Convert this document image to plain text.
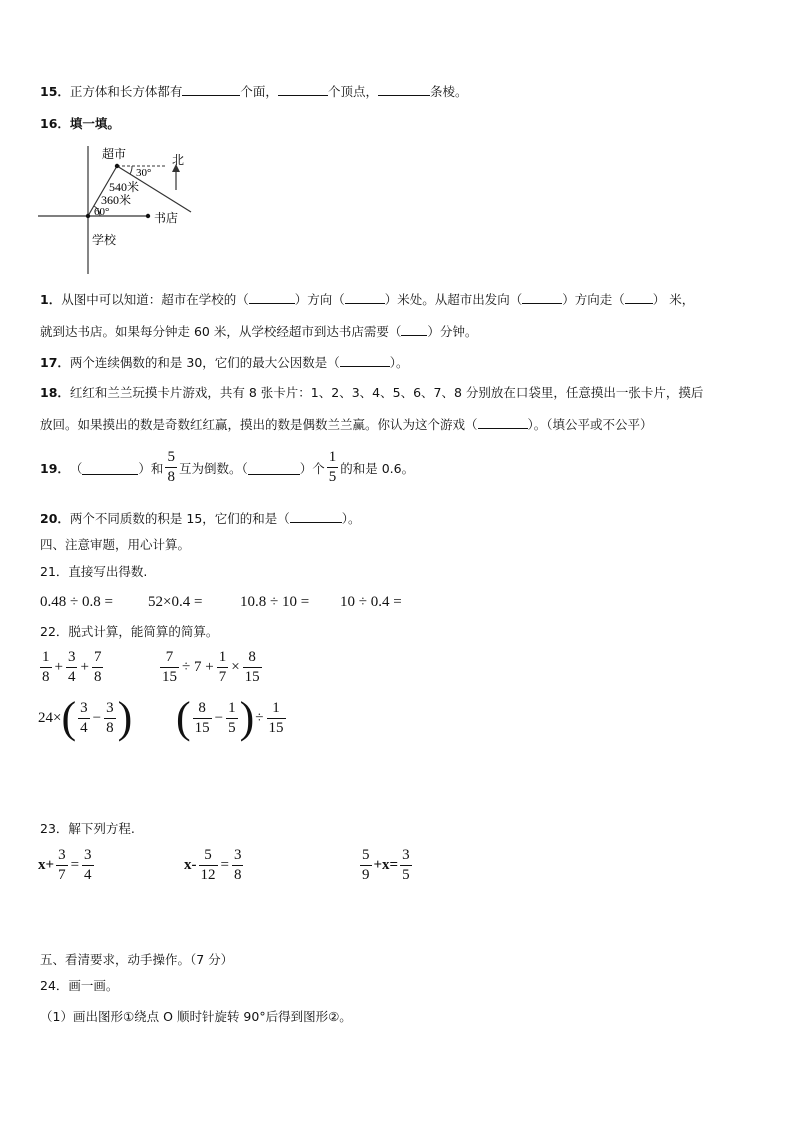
15．正方体和长方体都有	个面，	个顶点，	条棱。
16．填一填。
超市	北
30°
540米
360米
60°	书店
学校
1．从图中可以知道：超市在学校的（	）方向（	）米处。从超市出发向（	）方向走（ ） 米，
就到达书店。如果每分钟走 60 米，从学校经超市到达书店需要（ ）分钟。
17．两个连续偶数的和是 30，它们的最大公因数是（	）。
18．红红和兰兰玩摸卡片游戏，共有 8 张卡片：1、2、3、4、5、6、7、8 分别放在口袋里，任意摸出一张卡片，摸后
放回。如果摸出的数是奇数红红赢，摸出的数是偶数兰兰赢。你认为这个游戏（	）。（填公平或不公平）
19． （	）和 $\frac{5}{8}$ 互为倒数。（	）个 $\frac{1}{5}$ 的和是 0.6。
20．两个不同质数的积是 15，它们的和是（	）。
四、注意审题，用心计算。
21．直接写出得数.
0.48 ÷ 0.8 = 52×0.4 =	10.8 ÷ 10 = 10 ÷ 0.4 =
22．脱式计算，能简算的简算。
$\frac{1}{8} + \frac{3}{4} + \frac{7}{8}$	$\frac{7}{15} \div 7 + \frac{1}{7} \times \frac{8}{15}$
24× ( $\frac{3}{4} - \frac{3}{8}$ ) ( $\frac{8}{15} - \frac{1}{5}$ ) ÷ $\frac{1}{15}$
23．解下列方程.
$x+ \frac{3}{7} = \frac{3}{4}$	$x- \frac{5}{12} = \frac{3}{8}$	$\frac{5}{9} +x= \frac{3}{5}$
五、看清要求，动手操作。（7 分）
24．画一画。
（1）画出图形①绕点 O 顺时针旋转 90°后得到图形②。
